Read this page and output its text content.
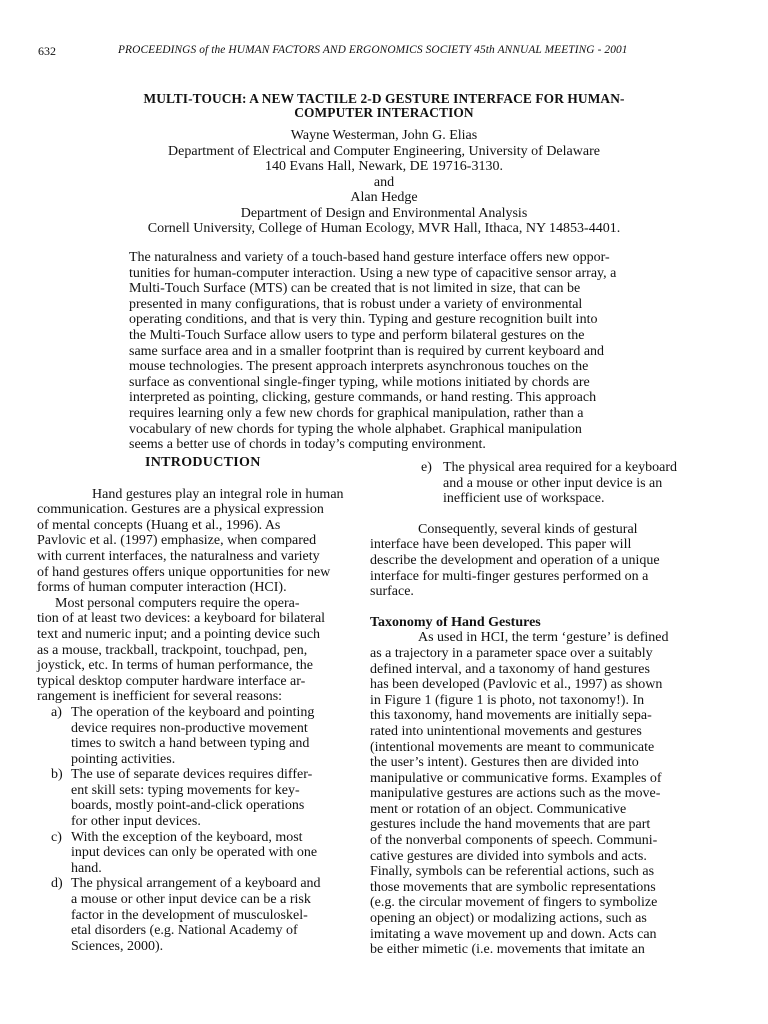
632	PROCEEDINGS of the HUMAN FACTORS AND ERGONOMICS SOCIETY 45th ANNUAL MEETING - 2001
MULTI-TOUCH: A NEW TACTILE 2-D GESTURE INTERFACE FOR HUMAN-
COMPUTER INTERACTION
Wayne Westerman, John G. Elias
Department of Electrical and Computer Engineering, University of Delaware
140 Evans Hall, Newark, DE 19716-3130.
and
Alan Hedge
Department of Design and Environmental Analysis
Cornell University, College of Human Ecology, MVR Hall, Ithaca, NY 14853-4401.
The naturalness and variety of a touch-based hand gesture interface offers new oppor-
tunities for human-computer interaction. Using a new type of capacitive sensor array, a
Multi-Touch Surface (MTS) can be created that is not limited in size, that can be
presented in many configurations, that is robust under a variety of environmental
operating conditions, and that is very thin. Typing and gesture recognition built into
the Multi-Touch Surface allow users to type and perform bilateral gestures on the
same surface area and in a smaller footprint than is required by current keyboard and
mouse technologies. The present approach interprets asynchronous touches on the
surface as conventional single-finger typing, while motions initiated by chords are
interpreted as pointing, clicking, gesture commands, or hand resting. This approach
requires learning only a few new chords for graphical manipulation, rather than a
vocabulary of new chords for typing the whole alphabet. Graphical manipulation
seems a better use of chords in today’s computing environment.
INTRODUCTION
Hand gestures play an integral role in human
communication. Gestures are a physical expression
of mental concepts (Huang et al., 1996). As
Pavlovic et al. (1997) emphasize, when compared
with current interfaces, the naturalness and variety
of hand gestures offers unique opportunities for new
forms of human computer interaction (HCI).
Most personal computers require the opera-
tion of at least two devices: a keyboard for bilateral
text and numeric input; and a pointing device such
as a mouse, trackball, trackpoint, touchpad, pen,
joystick, etc. In terms of human performance, the
typical desktop computer hardware interface ar-
rangement is inefficient for several reasons:
a) The operation of the keyboard and pointing
device requires non-productive movement
times to switch a hand between typing and
pointing activities.
b) The use of separate devices requires differ-
ent skill sets: typing movements for key-
boards, mostly point-and-click operations
for other input devices.
c) With the exception of the keyboard, most
input devices can only be operated with one
hand.
d) The physical arrangement of a keyboard and
a mouse or other input device can be a risk
factor in the development of musculoskel-
etal disorders (e.g. National Academy of
Sciences, 2000).
e) The physical area required for a keyboard
and a mouse or other input device is an
inefficient use of workspace.
Consequently, several kinds of gestural
interface have been developed. This paper will
describe the development and operation of a unique
interface for multi-finger gestures performed on a
surface.
Taxonomy of Hand Gestures
As used in HCI, the term ‘gesture’ is defined
as a trajectory in a parameter space over a suitably
defined interval, and a taxonomy of hand gestures
has been developed (Pavlovic et al., 1997) as shown
in Figure 1 (figure 1 is photo, not taxonomy!). In
this taxonomy, hand movements are initially sepa-
rated into unintentional movements and gestures
(intentional movements are meant to communicate
the user’s intent). Gestures then are divided into
manipulative or communicative forms. Examples of
manipulative gestures are actions such as the move-
ment or rotation of an object. Communicative
gestures include the hand movements that are part
of the nonverbal components of speech. Communi-
cative gestures are divided into symbols and acts.
Finally, symbols can be referential actions, such as
those movements that are symbolic representations
(e.g. the circular movement of fingers to symbolize
opening an object) or modalizing actions, such as
imitating a wave movement up and down. Acts can
be either mimetic (i.e. movements that imitate an
